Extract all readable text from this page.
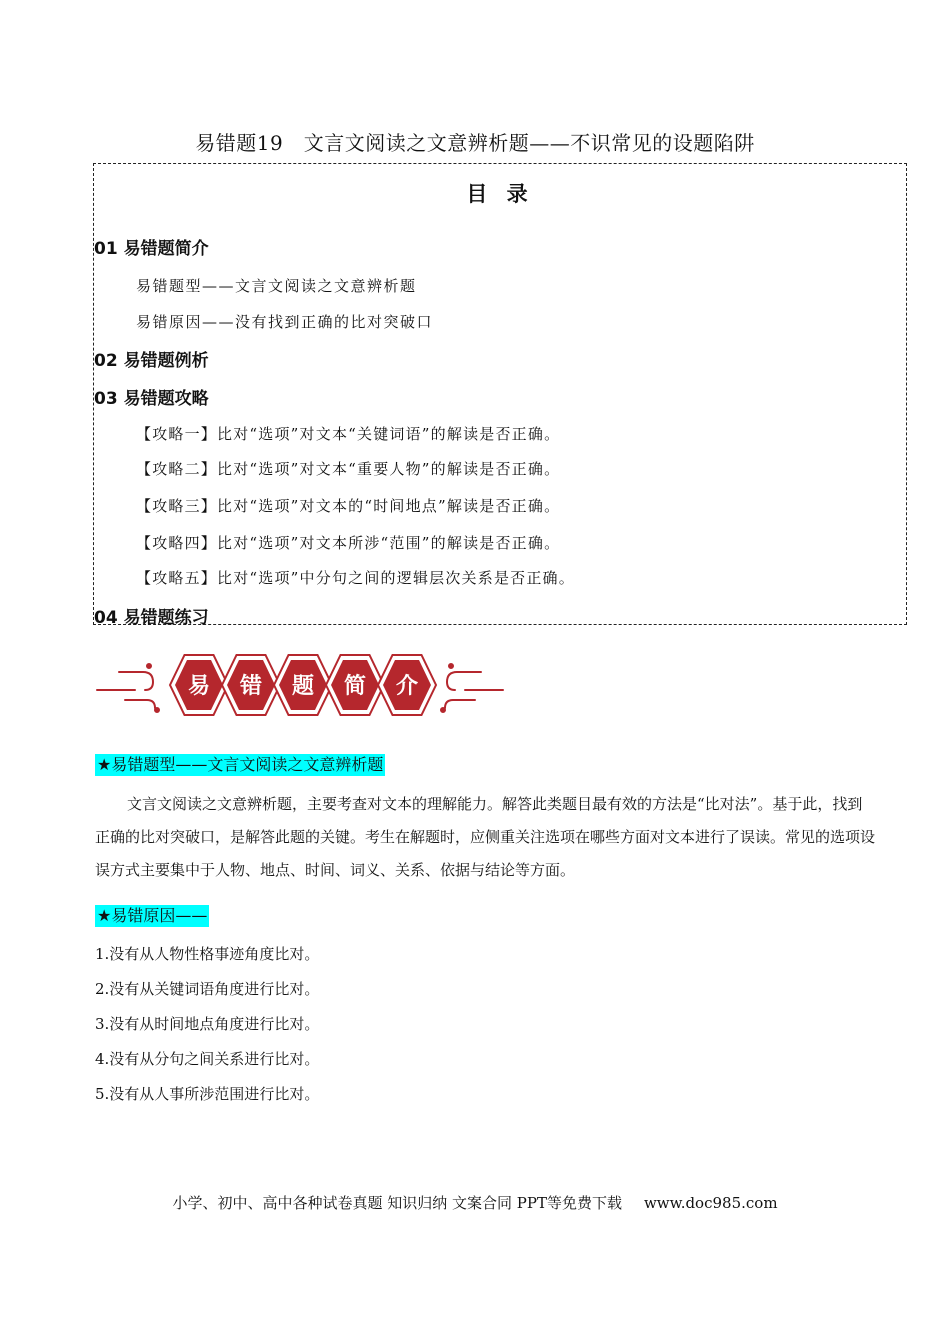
易错题19　文言文阅读之文意辨析题——不识常见的设题陷阱
目 录
01 易错题简介
易错题型——文言文阅读之文意辨析题
易错原因——没有找到正确的比对突破口
02 易错题例析
03 易错题攻略
【攻略一】比对“选项”对文本“关键词语”的解读是否正确。
【攻略二】比对“选项”对文本“重要人物”的解读是否正确。
【攻略三】比对“选项”对文本的“时间地点”解读是否正确。
【攻略四】比对“选项”对文本所涉“范围”的解读是否正确。
【攻略五】比对“选项”中分句之间的逻辑层次关系是否正确。
04 易错题练习
易 错 题 简 介
★易错题型——文言文阅读之文意辨析题
文言文阅读之文意辨析题，主要考查对文本的理解能力。解答此类题目最有效的方法是“比对法”。基于此，找到正确的比对突破口，是解答此题的关键。考生在解题时，应侧重关注选项在哪些方面对文本进行了误读。常见的选项设误方式主要集中于人物、地点、时间、词义、关系、依据与结论等方面。
★易错原因——
1.没有从人物性格事迹角度比对。
2.没有从关键词语角度进行比对。
3.没有从时间地点角度进行比对。
4.没有从分句之间关系进行比对。
5.没有从人事所涉范围进行比对。
小学、初中、高中各种试卷真题 知识归纳 文案合同 PPT等免费下载 www.doc985.com
